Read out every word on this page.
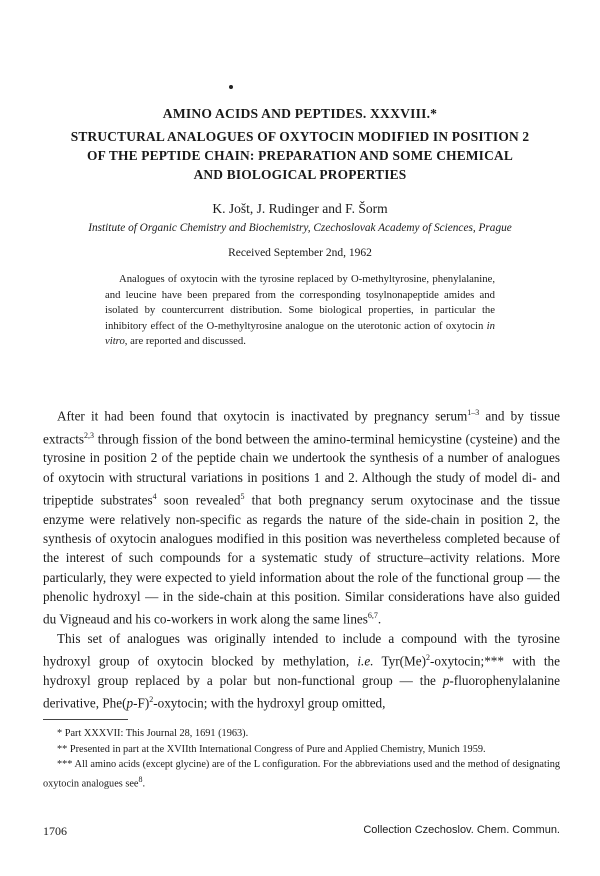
AMINO ACIDS AND PEPTIDES. XXXVIII.*
STRUCTURAL ANALOGUES OF OXYTOCIN MODIFIED IN POSITION 2
OF THE PEPTIDE CHAIN: PREPARATION AND SOME CHEMICAL
AND BIOLOGICAL PROPERTIES
K. Jošt, J. Rudinger and F. Šorm
Institute of Organic Chemistry and Biochemistry, Czechoslovak Academy of Sciences, Prague
Received September 2nd, 1962
Analogues of oxytocin with the tyrosine replaced by O-methyltyrosine, phenylalanine, and leucine have been prepared from the corresponding tosylnonapeptide amides and isolated by countercurrent distribution. Some biological properties, in particular the inhibitory effect of the O-methyltyrosine analogue on the uterotonic action of oxytocin in vitro, are reported and discussed.

After it had been found that oxytocin is inactivated by pregnancy serum$^{1-3}$ and by tissue extracts$^{2,3}$ through fission of the bond between the amino-terminal hemicystine (cysteine) and the tyrosine in position 2 of the peptide chain we undertook the synthesis of a number of analogues of oxytocin with structural variations in positions 1 and 2. Although the study of model di- and tripeptide substrates$^4$ soon revealed$^5$ that both pregnancy serum oxytocinase and the tissue enzyme were relatively non-specific as regards the nature of the side-chain in position 2, the synthesis of oxytocin analogues modified in this position was nevertheless completed because of the interest of such compounds for a systematic study of structure–activity relations. More particularly, they were expected to yield information about the role of the functional group — the phenolic hydroxyl — in the side-chain at this position. Similar considerations have also guided du Vigneaud and his co-workers in work along the same lines$^{6,7}$.

This set of analogues was originally intended to include a compound with the tyrosine hydroxyl group of oxytocin blocked by methylation, i.e. $Tyr(Me)^2-oxytocin;***$ with the hydroxyl group replaced by a polar but non-functional group — the p-fluorophenylalanine derivative, $Phe(p-F)^2$-oxytocin; with the hydroxyl group omitted,

* Part XXXVII: This Journal 28, 1691 (1963).

** Presented in part at the XVIIth International Congress of Pure and Applied Chemistry, Munich 1959.

*** All amino acids (except glycine) are of the L configuration. For the abbreviations used and the method of designating oxytocin analogues see$^8$.

1706	Collection Czechoslov. Chem. Commun.
